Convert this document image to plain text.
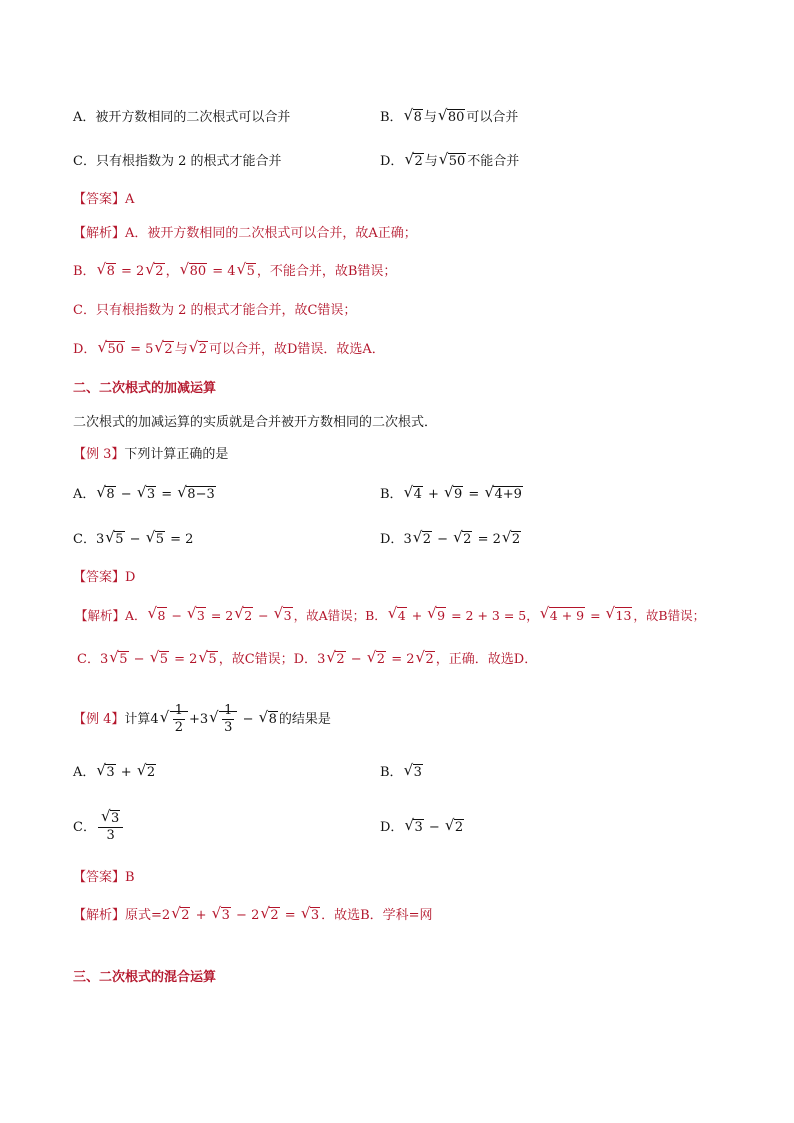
A．被开方数相同的二次根式可以合并	B． √ 8 与 √ 80 可以合并
C．只有根指数为 2 的根式才能合并	D． √ 2 与 √ 50 不能合并
【答案】A
【解析】A．被开方数相同的二次根式可以合并，故A正确；
B． √ 8 = 2 √ 2 ， √ 80 = 4 √ 5 ，不能合并，故B错误；
C．只有根指数为 2 的根式才能合并，故C错误；
D． √ 50 = 5 √ 2 与 √ 2 可以合并，故D错误．故选A．
二、二次根式的加减运算
二次根式的加减运算的实质就是合并被开方数相同的二次根式．
【例 3】下列计算正确的是
A． √ 8 − √ 3 = √ 8−3	B． √ 4 + √ 9 = √ 4+9
C．3 √ 5 − √ 5 = 2	D．3 √ 2 − √ 2 = 2 √ 2
【答案】D
【解析】A． √ 8 − √ 3 = 2 √ 2 − √ 3 ，故A错误；B． √ 4 + √ 9 = 2 + 3 = 5， √ 4 + 9 = √ 13 ，故B错误；
C．3 √ 5 − √ 5 = 2 √ 5 ，故C错误；D．3 √ 2 − √ 2 = 2 √ 2 ，正确．故选D．
【例 4】计算4 √ $\frac{1}{2} +3$ √ $\frac{1}{3}$ − √ 8 的结果是
A． √ 3 + √ 2	B． √ 3
C． √ $\frac{3}{3}$	D． √ 3 − √ 2
【答案】B
【解析】原式=2 √ 2 + √ 3 − 2 √ 2 = √ 3 ．故选B．学科=网
三、二次根式的混合运算
